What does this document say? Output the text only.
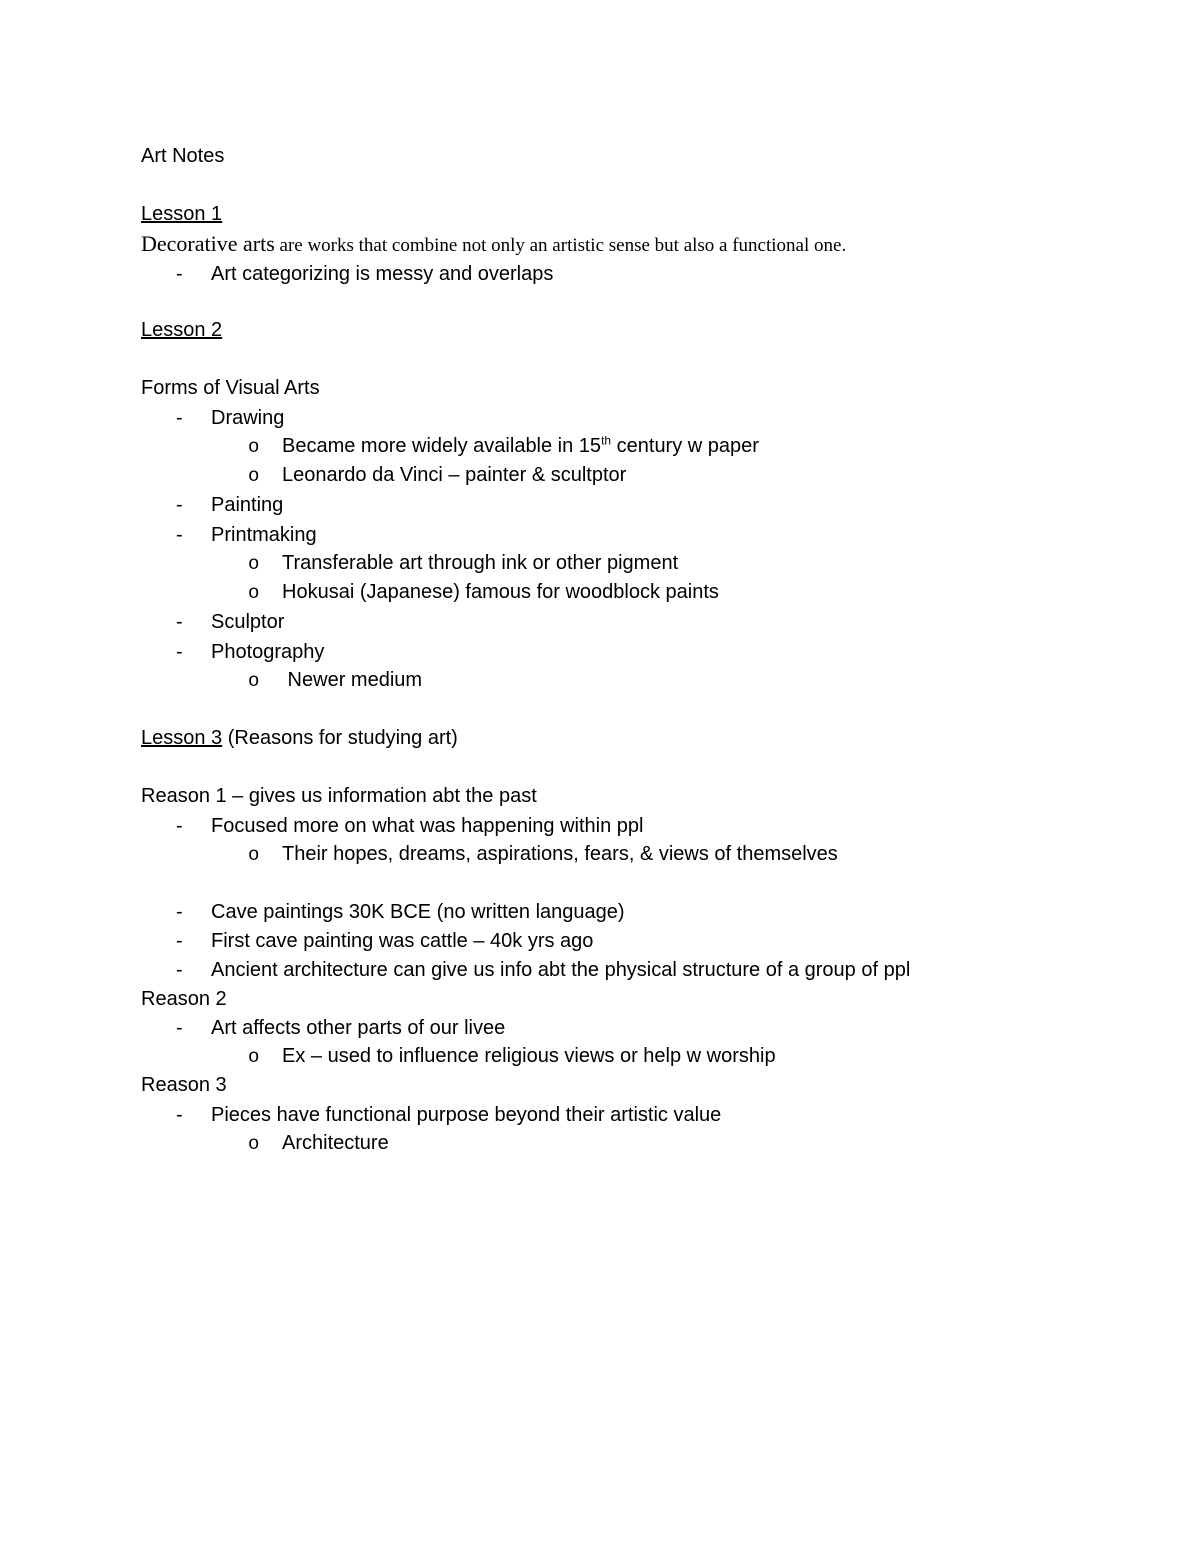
Art Notes
Lesson 1
Decorative arts are works that combine not only an artistic sense but also a functional one.
- Art categorizing is messy and overlaps
Lesson 2
Forms of Visual Arts
- Drawing
o Became more widely available in 15th century w paper
o Leonardo da Vinci – painter & scultptor
- Painting
- Printmaking
o Transferable art through ink or other pigment
o Hokusai (Japanese) famous for woodblock paints
- Sculptor
- Photography
o Newer medium
Lesson 3 (Reasons for studying art)
Reason 1 – gives us information abt the past
- Focused more on what was happening within ppl
o Their hopes, dreams, aspirations, fears, & views of themselves
- Cave paintings 30K BCE (no written language)
- First cave painting was cattle – 40k yrs ago
- Ancient architecture can give us info abt the physical structure of a group of ppl
Reason 2
- Art affects other parts of our livee
o Ex – used to influence religious views or help w worship
Reason 3
- Pieces have functional purpose beyond their artistic value
o Architecture
